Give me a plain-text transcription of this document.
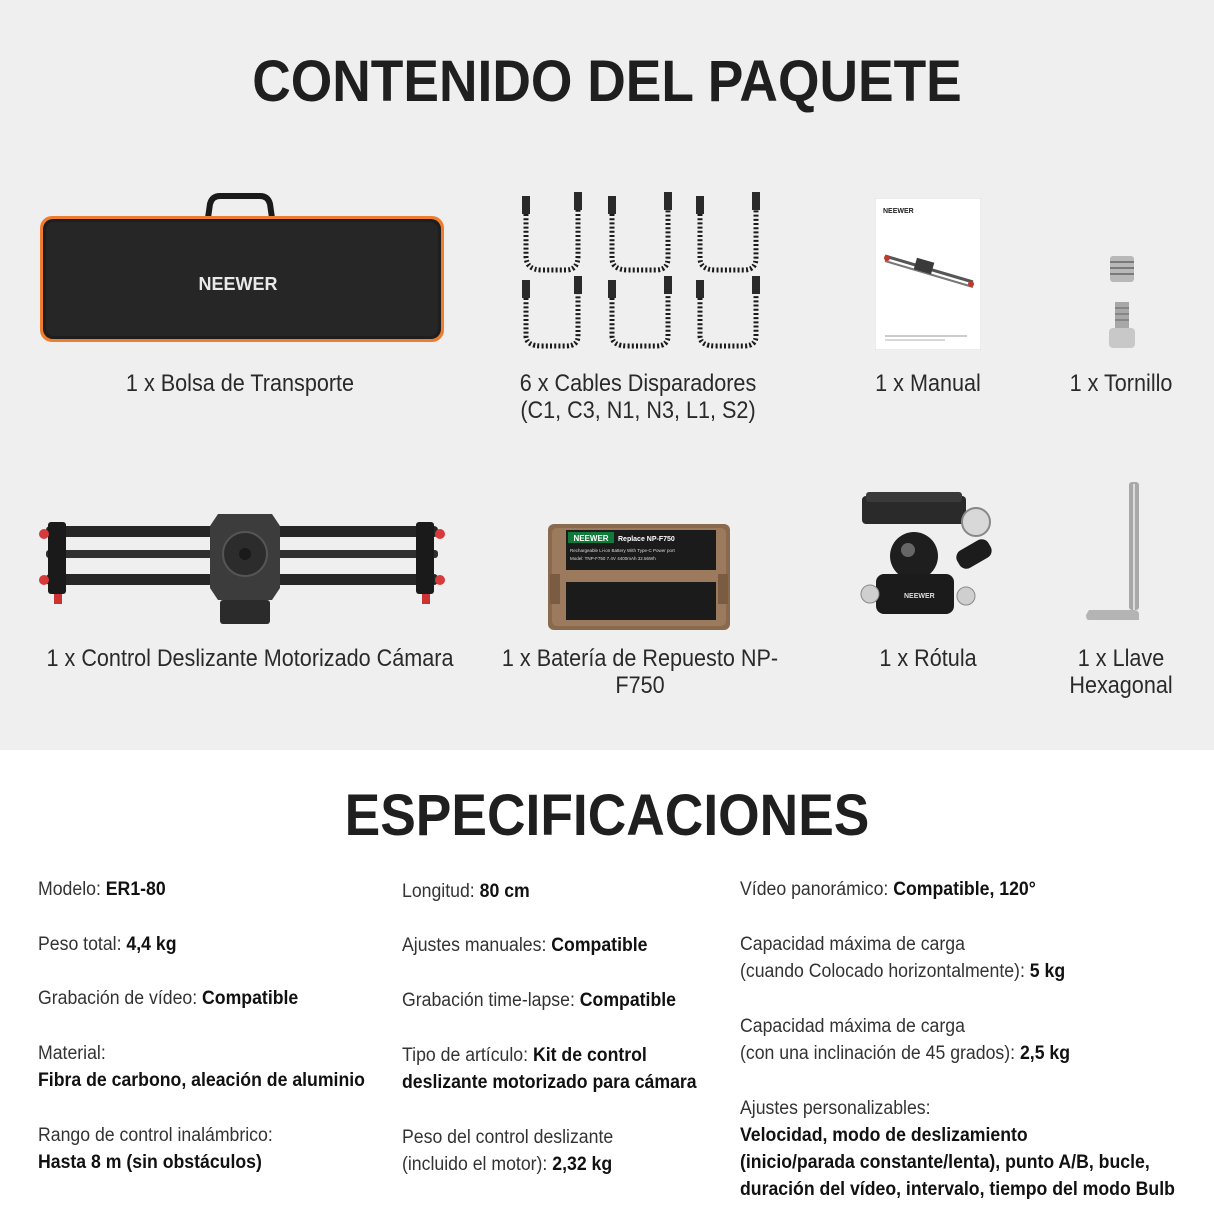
CONTENIDO DEL PAQUETE
NEEWER
1 x Bolsa de Transporte	6 x Cables Disparadores
(C1, C3, N1, N3, L1, S2)
NEEWER
1 x Manual	1 x Tornillo
1 x Control Deslizante Motorizado Cámara
NEEWER Replace NP-F750
Rechargeable Li-ion Battery With Type-C Power port
Model: TNP-F750 7.4V 4400mAh 32.56Wh
1 x Batería de Repuesto NP-F750
NEEWER
1 x Rótula	1 x Llave
Hexagonal
ESPECIFICACIONES
Modelo: ER1-80
Peso total: 4,4 kg
Grabación de vídeo: Compatible
Material:
Fibra de carbono, aleación de aluminio
Rango de control inalámbrico:
Hasta 8 m (sin obstáculos)
Longitud: 80 cm
Ajustes manuales: Compatible
Grabación time-lapse: Compatible
Tipo de artículo: Kit de control
deslizante motorizado para cámara
Peso del control deslizante
(incluido el motor): 2,32 kg
Vídeo panorámico: Compatible, 120°
Capacidad máxima de carga
(cuando Colocado horizontalmente): 5 kg
Capacidad máxima de carga
(con una inclinación de 45 grados): 2,5 kg
Ajustes personalizables:
Velocidad, modo de deslizamiento
(inicio/parada constante/lenta), punto A/B, bucle,
duración del vídeo, intervalo, tiempo del modo Bulb
